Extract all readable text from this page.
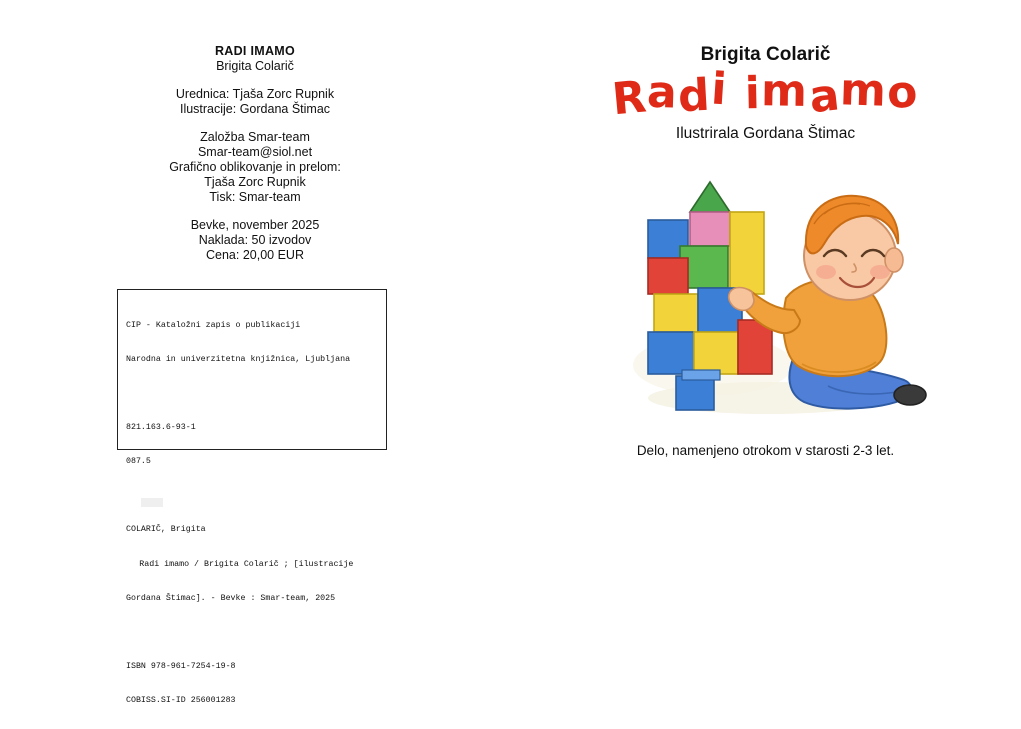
RADI IMAMO
Brigita Colarič
Urednica: Tjaša Zorc Rupnik
Ilustracije: Gordana Štimac
Založba Smar-team
Smar-team@siol.net
Grafično oblikovanje in prelom:
Tjaša Zorc Rupnik
Tisk: Smar-team
Bevke, november 2025
Naklada: 50 izvodov
Cena: 20,00 EUR

CIP - Kataložni zapis o publikaciji

Narodna in univerzitetna knjižnica, Ljubljana

821.163.6-93-1

087.5

COLARIČ, Brigita

Radi imamo / Brigita Colarič ; [ilustracije

Gordana Štimac]. - Bevke : Smar-team, 2025

ISBN 978-961-7254-19-8

COBISS.SI-ID 256001283

Brigita Colarič
Radi imamo
Ilustrirala Gordana Štimac
Delo, namenjeno otrokom v starosti 2-3 let.
